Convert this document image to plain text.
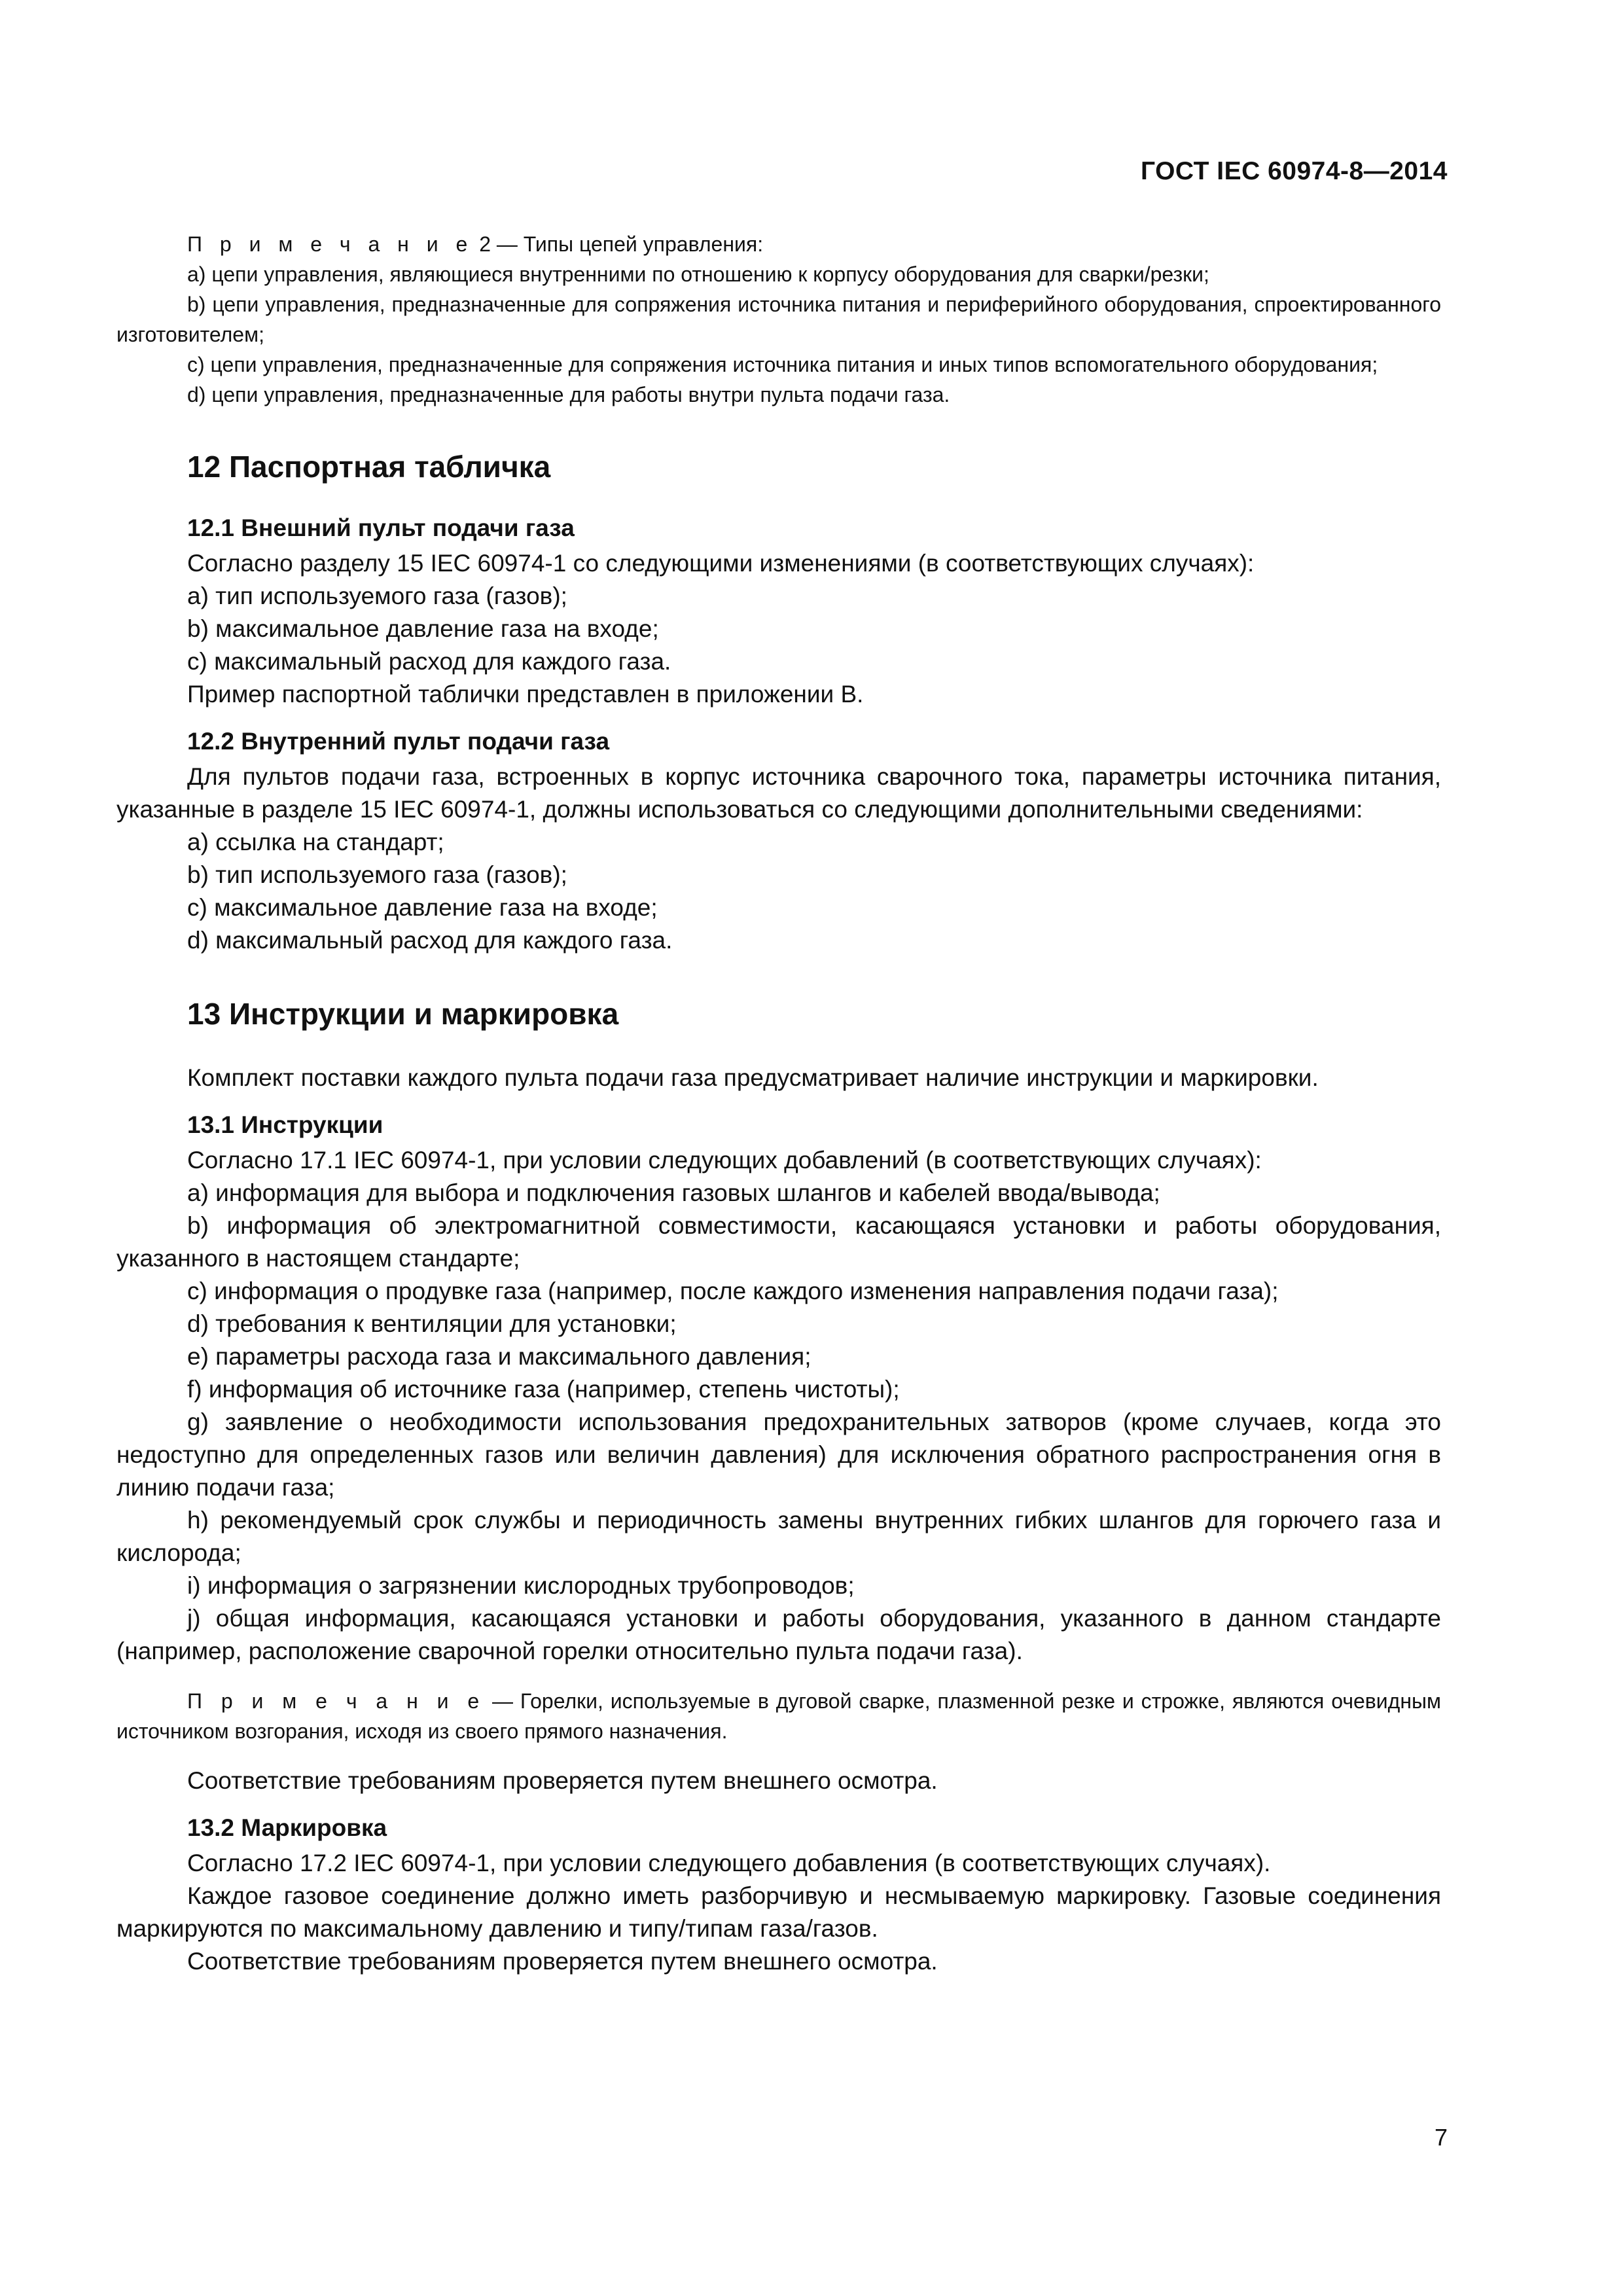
ГОСТ IEC 60974-8—2014

П р и м е ч а н и е 2 — Типы цепей управления:

a) цепи управления, являющиеся внутренними по отношению к корпусу оборудования для сварки/резки;

b) цепи управления, предназначенные для сопряжения источника питания и периферийного оборудования, спроектированного изготовителем;

c) цепи управления, предназначенные для сопряжения источника питания и иных типов вспомогательного оборудования;

d) цепи управления, предназначенные для работы внутри пульта подачи газа.

12 Паспортная табличка
12.1 Внешний пульт подачи газа

Согласно разделу 15 IEC 60974-1 со следующими изменениями (в соответствующих случаях):

a) тип используемого газа (газов);

b) максимальное давление газа на входе;

c) максимальный расход для каждого газа.

Пример паспортной таблички представлен в приложении В.

12.2 Внутренний пульт подачи газа

Для пультов подачи газа, встроенных в корпус источника сварочного тока, параметры источника питания, указанные в разделе 15 IEC 60974-1, должны использоваться со следующими дополнительными сведениями:

a) ссылка на стандарт;

b) тип используемого газа (газов);

c) максимальное давление газа на входе;

d) максимальный расход для каждого газа.

13 Инструкции и маркировка

Комплект поставки каждого пульта подачи газа предусматривает наличие инструкции и маркировки.

13.1 Инструкции

Согласно 17.1 IEC 60974-1, при условии следующих добавлений (в соответствующих случаях):

a) информация для выбора и подключения газовых шлангов и кабелей ввода/вывода;

b) информация об электромагнитной совместимости, касающаяся установки и работы оборудования, указанного в настоящем стандарте;

c) информация о продувке газа (например, после каждого изменения направления подачи газа);

d) требования к вентиляции для установки;

e) параметры расхода газа и максимального давления;

f) информация об источнике газа (например, степень чистоты);

g) заявление о необходимости использования предохранительных затворов (кроме случаев, когда это недоступно для определенных газов или величин давления) для исключения обратного распространения огня в линию подачи газа;

h) рекомендуемый срок службы и периодичность замены внутренних гибких шлангов для горючего газа и кислорода;

i) информация о загрязнении кислородных трубопроводов;

j) общая информация, касающаяся установки и работы оборудования, указанного в данном стандарте (например, расположение сварочной горелки относительно пульта подачи газа).

П р и м е ч а н и е — Горелки, используемые в дуговой сварке, плазменной резке и строжке, являются очевидным источником возгорания, исходя из своего прямого назначения.

Соответствие требованиям проверяется путем внешнего осмотра.

13.2 Маркировка

Согласно 17.2 IEC 60974-1, при условии следующего добавления (в соответствующих случаях).

Каждое газовое соединение должно иметь разборчивую и несмываемую маркировку. Газовые соединения маркируются по максимальному давлению и типу/типам газа/газов.

Соответствие требованиям проверяется путем внешнего осмотра.

7
